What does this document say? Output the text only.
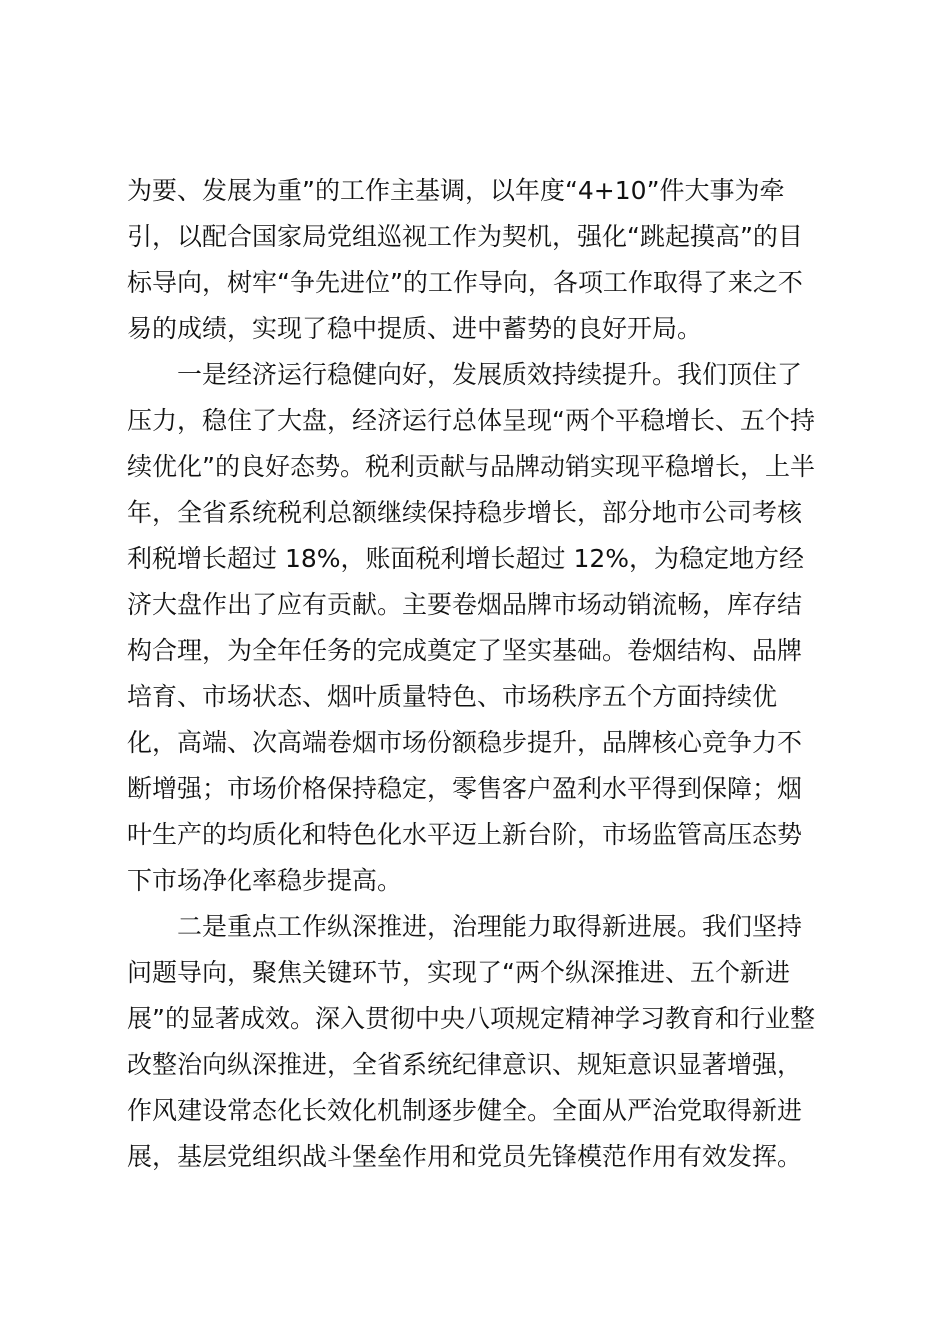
为要、发展为重”的工作主基调，以年度“4+10”件大事为牵
引，以配合国家局党组巡视工作为契机，强化“跳起摸高”的目
标导向，树牢“争先进位”的工作导向，各项工作取得了来之不
易的成绩，实现了稳中提质、进中蓄势的良好开局。
一是经济运行稳健向好，发展质效持续提升。我们顶住了
压力，稳住了大盘，经济运行总体呈现“两个平稳增长、五个持
续优化”的良好态势。税利贡献与品牌动销实现平稳增长，上半
年，全省系统税利总额继续保持稳步增长，部分地市公司考核
利税增长超过 18%，账面税利增长超过 12%，为稳定地方经
济大盘作出了应有贡献。主要卷烟品牌市场动销流畅，库存结
构合理，为全年任务的完成奠定了坚实基础。卷烟结构、品牌
培育、市场状态、烟叶质量特色、市场秩序五个方面持续优
化，高端、次高端卷烟市场份额稳步提升，品牌核心竞争力不
断增强；市场价格保持稳定，零售客户盈利水平得到保障；烟
叶生产的均质化和特色化水平迈上新台阶，市场监管高压态势
下市场净化率稳步提高。
二是重点工作纵深推进，治理能力取得新进展。我们坚持
问题导向，聚焦关键环节，实现了“两个纵深推进、五个新进
展”的显著成效。深入贯彻中央八项规定精神学习教育和行业整
改整治向纵深推进，全省系统纪律意识、规矩意识显著增强，
作风建设常态化长效化机制逐步健全。全面从严治党取得新进
展，基层党组织战斗堡垒作用和党员先锋模范作用有效发挥。
